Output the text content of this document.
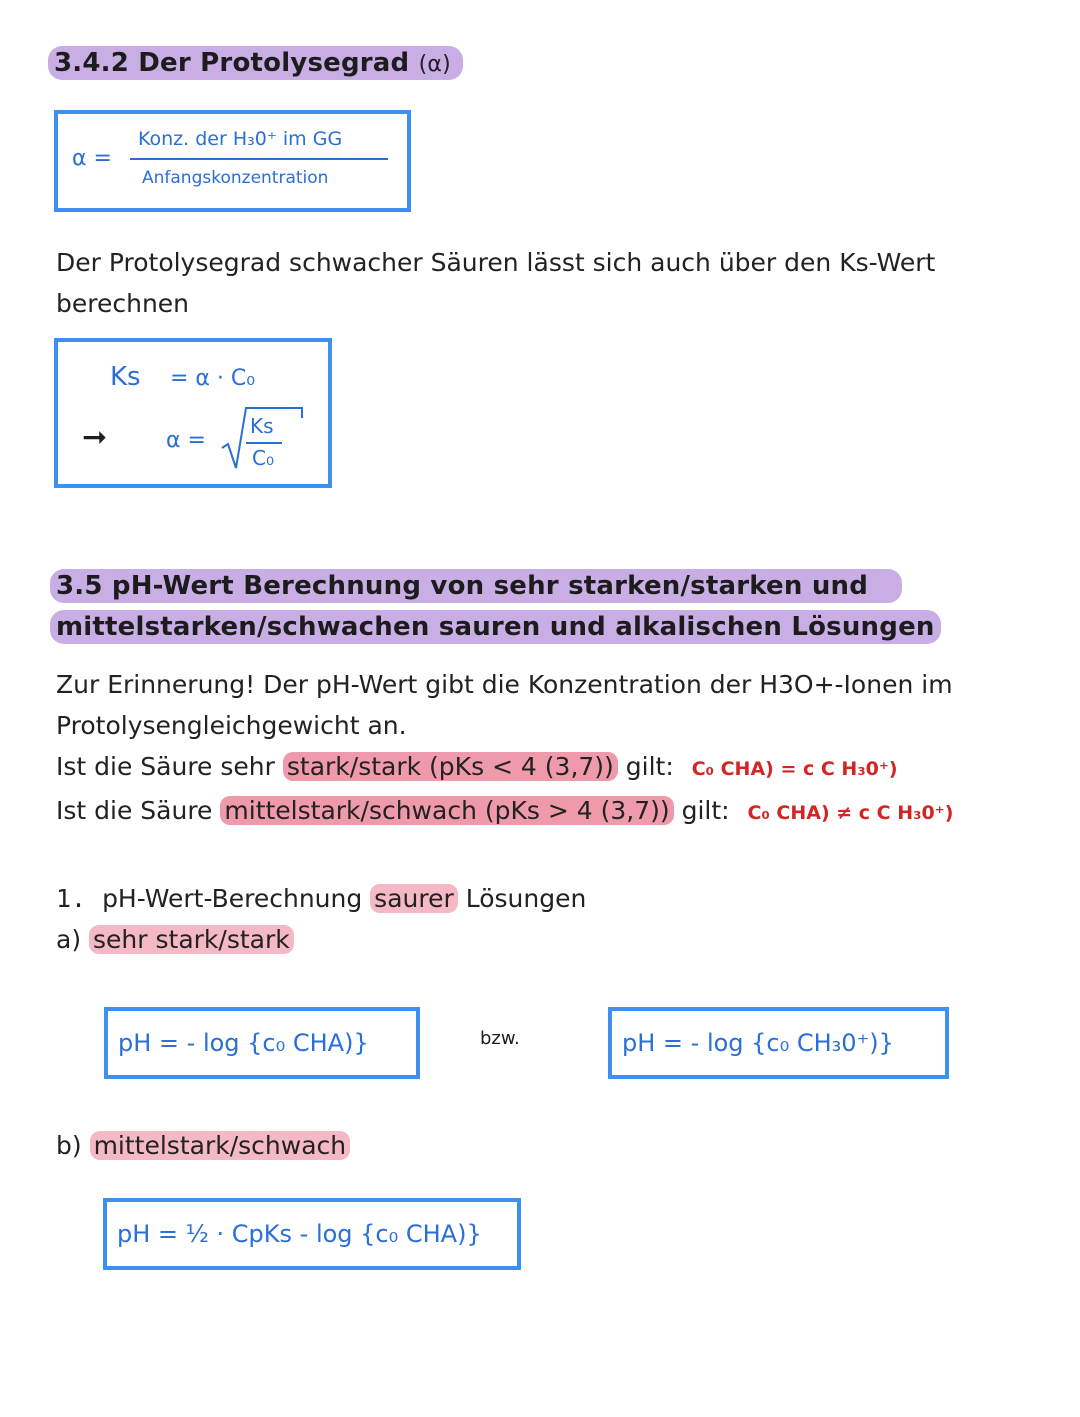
3.4.2 Der Protolysegrad (α)
α =
Konz. der H₃0⁺ im GG
Anfangskonzentration
Der Protolysegrad schwacher Säuren lässt sich auch über den Ks-Wert berechnen
Ks = α · C₀
➞	α =
Ks
C₀
3.5 pH-Wert Berechnung von sehr starken/starken und
mittelstarken/schwachen sauren und alkalischen Lösungen
Zur Erinnerung! Der pH-Wert gibt die Konzentration der H3O+-Ionen im
Protolysengleichgewicht an.
Ist die Säure sehr stark/stark (pKs < 4 (3,7)) gilt: C₀ CHA) = c C H₃0⁺)
Ist die Säure mittelstark/schwach (pKs > 4 (3,7)) gilt: C₀ CHA) ≠ c C H₃0⁺)
1. pH-Wert-Berechnung saurer Lösungen
a) sehr stark/stark
pH = - log {c₀ CHA)}	bzw.	pH = - log {c₀ CH₃0⁺)}
b) mittelstark/schwach
pH = ½ · CpKs - log {c₀ CHA)}
